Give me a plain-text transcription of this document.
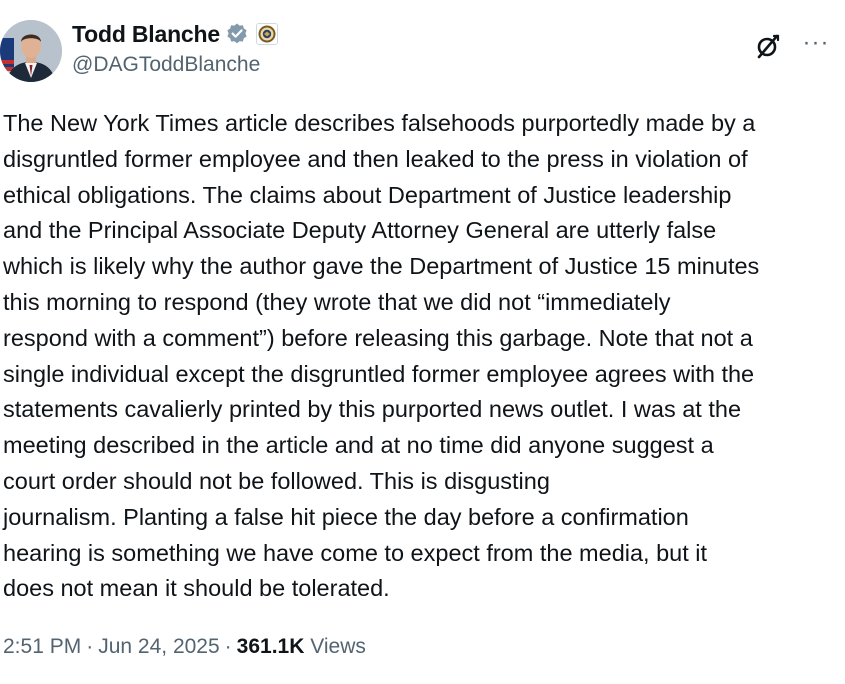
Todd Blanche
@DAGToddBlanche
···
The New York Times article describes falsehoods purportedly made by a
disgruntled former employee and then leaked to the press in violation of
ethical obligations. The claims about Department of Justice leadership
and the Principal Associate Deputy Attorney General are utterly false
which is likely why the author gave the Department of Justice 15 minutes
this morning to respond (they wrote that we did not “immediately
respond with a comment”) before releasing this garbage. Note that not a
single individual except the disgruntled former employee agrees with the
statements cavalierly printed by this purported news outlet. I was at the
meeting described in the article and at no time did anyone suggest a
court order should not be followed. This is disgusting
journalism. Planting a false hit piece the day before a confirmation
hearing is something we have come to expect from the media, but it
does not mean it should be tolerated.
2:51 PM · Jun 24, 2025 · 361.1K Views
